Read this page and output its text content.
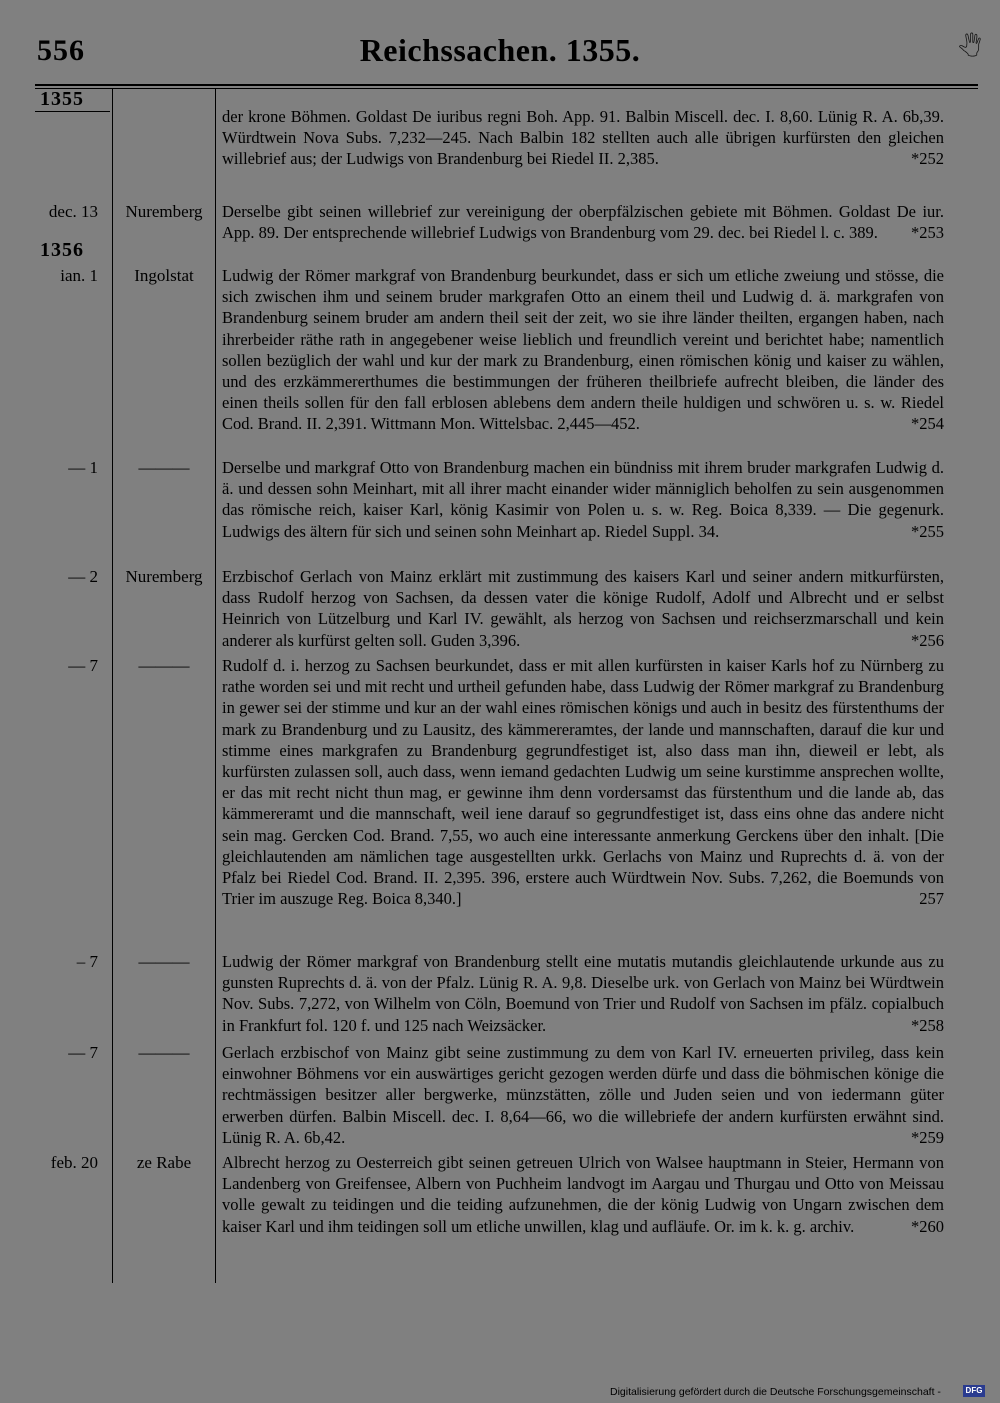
556	Reichssachen. 1355.	🖑
1355

der krone Böhmen. Goldast De iuribus regni Boh. App. 91. Balbin Miscell. dec. I. 8,60. Lünig R. A. 6b,39. Würdtwein Nova Subs. 7,232—245. Nach Balbin 182 stellten auch alle übrigen kurfürsten den gleichen willebrief aus; der Ludwigs von Brandenburg bei Riedel II. 2,385.	*252

dec. 13	Nuremberg	Derselbe gibt seinen willebrief zur vereinigung der oberpfälzischen gebiete mit Böhmen. Goldast De iur. App. 89. Der entsprechende willebrief Ludwigs von Brandenburg vom 29. dec. bei Riedel l. c. 389. *253

1356
ian. 1	Ingolstat	Ludwig der Römer markgraf von Brandenburg beurkundet, dass er sich um etliche zweiung und stösse, die sich zwischen ihm und seinem bruder markgrafen Otto an einem theil und Ludwig d. ä. markgrafen von Brandenburg seinem bruder am andern theil seit der zeit, wo sie ihre länder theilten, ergangen haben, nach ihrerbeider räthe rath in angegebener weise lieblich und freundlich vereint und berichtet habe; namentlich sollen bezüglich der wahl und kur der mark zu Brandenburg, einen römischen könig und kaiser zu wählen, und des erzkämmererthumes die bestimmungen der früheren theilbriefe aufrecht bleiben, die länder des einen theils sollen für den fall erblosen ablebens dem andern theile huldigen und schwören u. s. w. Riedel Cod. Brand. II. 2,391. Wittmann Mon. Wittelsbac. 2,445—452.	*254

— 1	———	Derselbe und markgraf Otto von Brandenburg machen ein bündniss mit ihrem bruder markgrafen Ludwig d. ä. und dessen sohn Meinhart, mit all ihrer macht einander wider männiglich beholfen zu sein ausgenommen das römische reich, kaiser Karl, könig Kasimir von Polen u. s. w. Reg. Boica 8,339. — Die gegenurk. Ludwigs des ältern für sich und seinen sohn Meinhart ap. Riedel Suppl. 34.	*255

— 2	Nuremberg	Erzbischof Gerlach von Mainz erklärt mit zustimmung des kaisers Karl und seiner andern mitkurfürsten, dass Rudolf herzog von Sachsen, da dessen vater die könige Rudolf, Adolf und Albrecht und er selbst Heinrich von Lützelburg und Karl IV. gewählt, als herzog von Sachsen und reichserzmarschall und kein anderer als kurfürst gelten soll. Guden 3,396.	*256

— 7	———	Rudolf d. i. herzog zu Sachsen beurkundet, dass er mit allen kurfürsten in kaiser Karls hof zu Nürnberg zu rathe worden sei und mit recht und urtheil gefunden habe, dass Ludwig der Römer markgraf zu Brandenburg in gewer sei der stimme und kur an der wahl eines römischen königs und auch in besitz des fürstenthums der mark zu Brandenburg und zu Lausitz, des kämmereramtes, der lande und mannschaften, darauf die kur und stimme eines markgrafen zu Brandenburg gegrundfestiget ist, also dass man ihn, dieweil er lebt, als kurfürsten zulassen soll, auch dass, wenn iemand gedachten Ludwig um seine kurstimme ansprechen wollte, er das mit recht nicht thun mag, er gewinne ihm denn vordersamst das fürstenthum und die lande ab, das kämmereramt und die mannschaft, weil iene darauf so gegrundfestiget ist, dass eins ohne das andere nicht sein mag. Gercken Cod. Brand. 7,55, wo auch eine interessante anmerkung Gerckens über den inhalt. [Die gleichlautenden am nämlichen tage ausgestellten urkk. Gerlachs von Mainz und Ruprechts d. ä. von der Pfalz bei Riedel Cod. Brand. II. 2,395. 396, erstere auch Würdtwein Nov. Subs. 7,262, die Boemunds von Trier im auszuge Reg. Boica 8,340.]	257

– 7	———	Ludwig der Römer markgraf von Brandenburg stellt eine mutatis mutandis gleichlautende urkunde aus zu gunsten Ruprechts d. ä. von der Pfalz. Lünig R. A. 9,8. Dieselbe urk. von Gerlach von Mainz bei Würdtwein Nov. Subs. 7,272, von Wilhelm von Cöln, Boemund von Trier und Rudolf von Sachsen im pfälz. copialbuch in Frankfurt fol. 120 f. und 125 nach Weizsäcker.	*258

— 7	———	Gerlach erzbischof von Mainz gibt seine zustimmung zu dem von Karl IV. erneuerten privileg, dass kein einwohner Böhmens vor ein auswärtiges gericht gezogen werden dürfe und dass die böhmischen könige die rechtmässigen besitzer aller bergwerke, münzstätten, zölle und Juden seien und von iedermann güter erwerben dürfen. Balbin Miscell. dec. I. 8,64—66, wo die willebriefe der andern kurfürsten erwähnt sind. Lünig R. A. 6b,42.	*259

feb. 20	ze Rabe	Albrecht herzog zu Oesterreich gibt seinen getreuen Ulrich von Walsee hauptmann in Steier, Hermann von Landenberg von Greifensee, Albern von Puchheim landvogt im Aargau und Thurgau und Otto von Meissau volle gewalt zu teidingen und die teiding aufzunehmen, die der könig Ludwig von Ungarn zwischen dem kaiser Karl und ihm teidingen soll um etliche unwillen, klag und aufläufe. Or. im k. k. g. archiv.	*260

Digitalisierung gefördert durch die Deutsche Forschungsgemeinschaft -	DFG
